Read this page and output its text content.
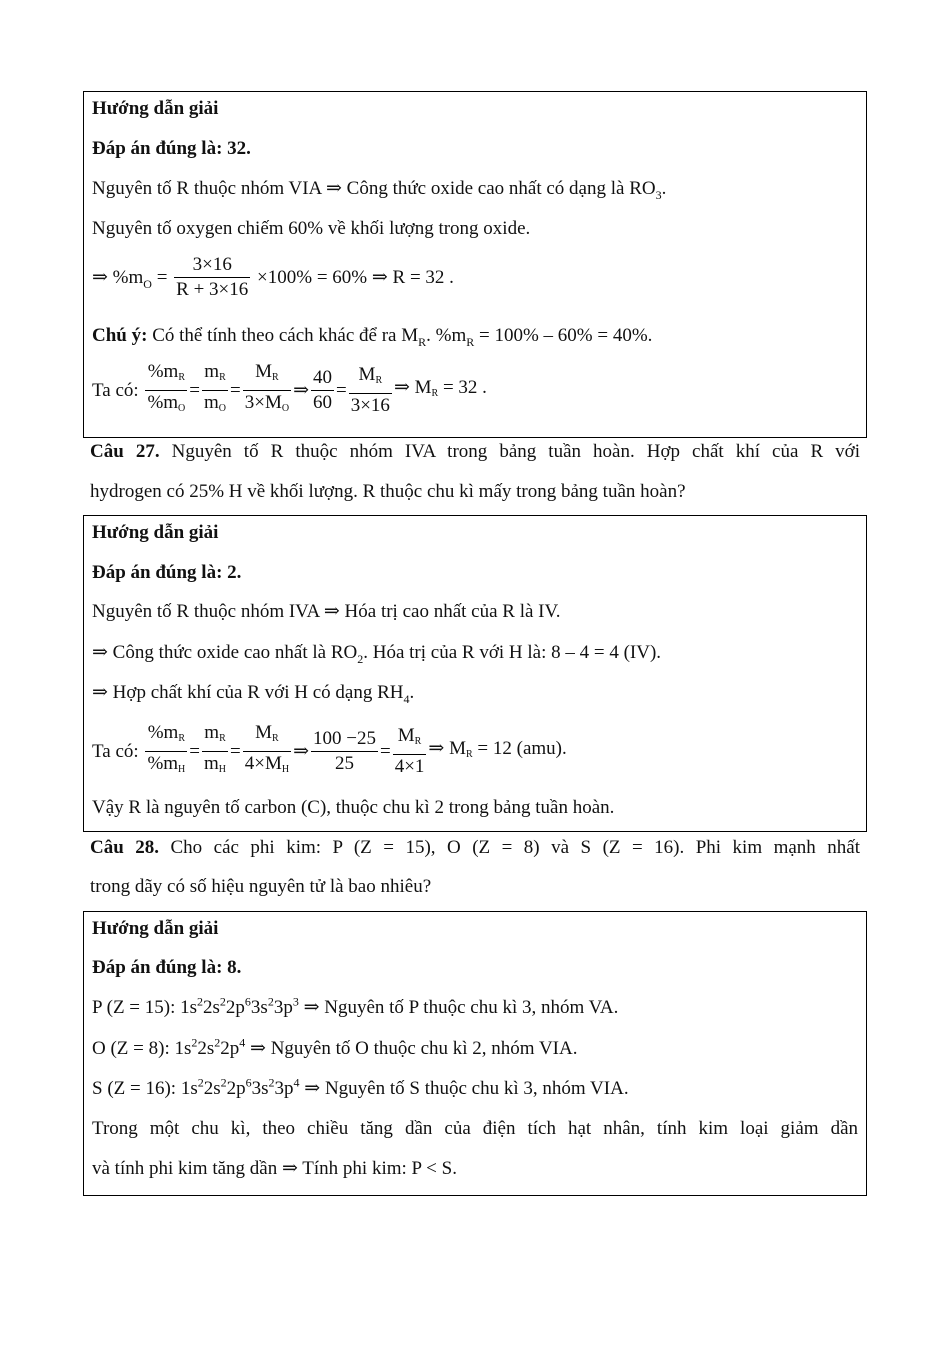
Hướng dẫn giải
Đáp án đúng là: 32.
Nguyên tố R thuộc nhóm VIA ⇒ Công thức oxide cao nhất có dạng là $RO_3$.
Nguyên tố oxygen chiếm 60% về khối lượng trong oxide.
⇒ $\%m_O = \frac{3\times 16}{R + 3\times 16} \times 100\% = 60\%$ ⇒ R = 32 .
Chú ý: Có thể tính theo cách khác để ra $M_R$. $\%m_R = 100\% - 60\% = 40\%$.
Ta có: $\frac{\%mR}{\%mO} = \frac{mR}{mO} = \frac{MR}{3\times MO}$ ⇒ $\frac{40}{60} = \frac{MR}{3\times 16}$ ⇒ MR = 32 .
Câu 27. Nguyên tố R thuộc nhóm IVA trong bảng tuần hoàn. Hợp chất khí của R với
hydrogen có 25% H về khối lượng. R thuộc chu kì mấy trong bảng tuần hoàn?
Hướng dẫn giải
Đáp án đúng là: 2.
Nguyên tố R thuộc nhóm IVA ⇒ Hóa trị cao nhất của R là IV.
⇒ Công thức oxide cao nhất là $RO_2$. Hóa trị của R với H là: 8 – 4 = 4 (IV).
⇒ Hợp chất khí của R với H có dạng $RH_4$.
Ta có: $\frac{\%mR}{\%mH} = \frac{mR}{mH} = \frac{MR}{4\times MH}$ ⇒ $\frac{100 -25}{25} = \frac{MR}{4\times 1}$ ⇒ MR = 12 (amu).
Vậy R là nguyên tố carbon (C), thuộc chu kì 2 trong bảng tuần hoàn.
Câu 28. Cho các phi kim: P (Z = 15), O (Z = 8) và S (Z = 16). Phi kim mạnh nhất
trong dãy có số hiệu nguyên tử là bao nhiêu?
Hướng dẫn giải
Đáp án đúng là: 8.
P (Z = 15): $1s^22s^22p^63s^23p^3$ ⇒ Nguyên tố P thuộc chu kì 3, nhóm VA.
O (Z = 8): $1s^22s^22p^4$ ⇒ Nguyên tố O thuộc chu kì 2, nhóm VIA.
S (Z = 16): $1s^22s^22p^63s^23p^4$ ⇒ Nguyên tố S thuộc chu kì 3, nhóm VIA.
Trong một chu kì, theo chiều tăng dần của điện tích hạt nhân, tính kim loại giảm dần
và tính phi kim tăng dần ⇒ Tính phi kim: P < S.
